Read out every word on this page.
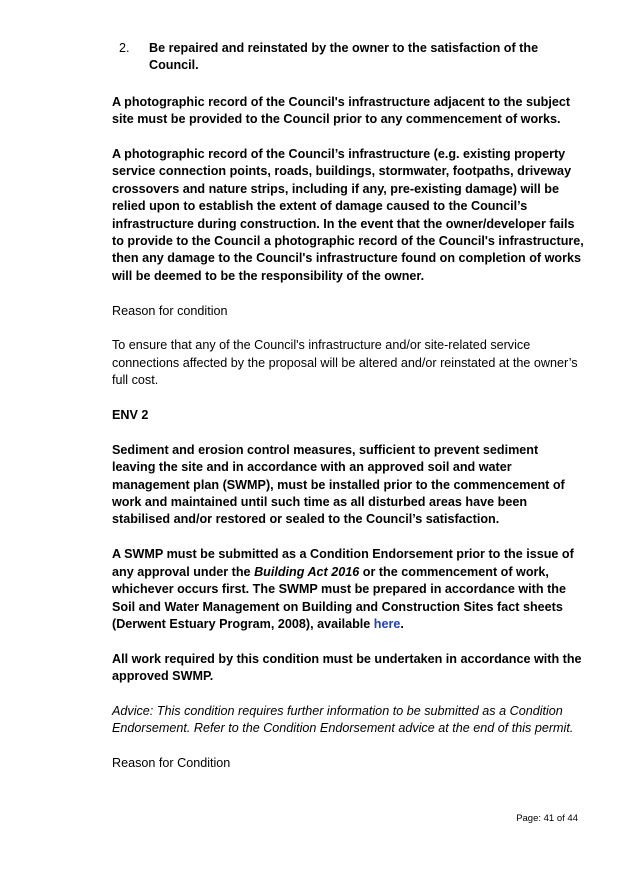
2.	Be repaired and reinstated by the owner to the satisfaction of the Council.

A photographic record of the Council's infrastructure adjacent to the subject site must be provided to the Council prior to any commencement of works.

A photographic record of the Council’s infrastructure (e.g. existing property service connection points, roads, buildings, stormwater, footpaths, driveway crossovers and nature strips, including if any, pre-existing damage) will be relied upon to establish the extent of damage caused to the Council’s infrastructure during construction. In the event that the owner/developer fails to provide to the Council a photographic record of the Council's infrastructure, then any damage to the Council's infrastructure found on completion of works will be deemed to be the responsibility of the owner.

Reason for condition

To ensure that any of the Council's infrastructure and/or site-related service connections affected by the proposal will be altered and/or reinstated at the owner’s full cost.

ENV 2

Sediment and erosion control measures, sufficient to prevent sediment leaving the site and in accordance with an approved soil and water management plan (SWMP), must be installed prior to the commencement of work and maintained until such time as all disturbed areas have been stabilised and/or restored or sealed to the Council’s satisfaction.

A SWMP must be submitted as a Condition Endorsement prior to the issue of any approval under the Building Act 2016 or the commencement of work, whichever occurs first. The SWMP must be prepared in accordance with the Soil and Water Management on Building and Construction Sites fact sheets (Derwent Estuary Program, 2008), available here.

All work required by this condition must be undertaken in accordance with the approved SWMP.

Advice: This condition requires further information to be submitted as a Condition Endorsement. Refer to the Condition Endorsement advice at the end of this permit.

Reason for Condition

Page: 41 of 44
